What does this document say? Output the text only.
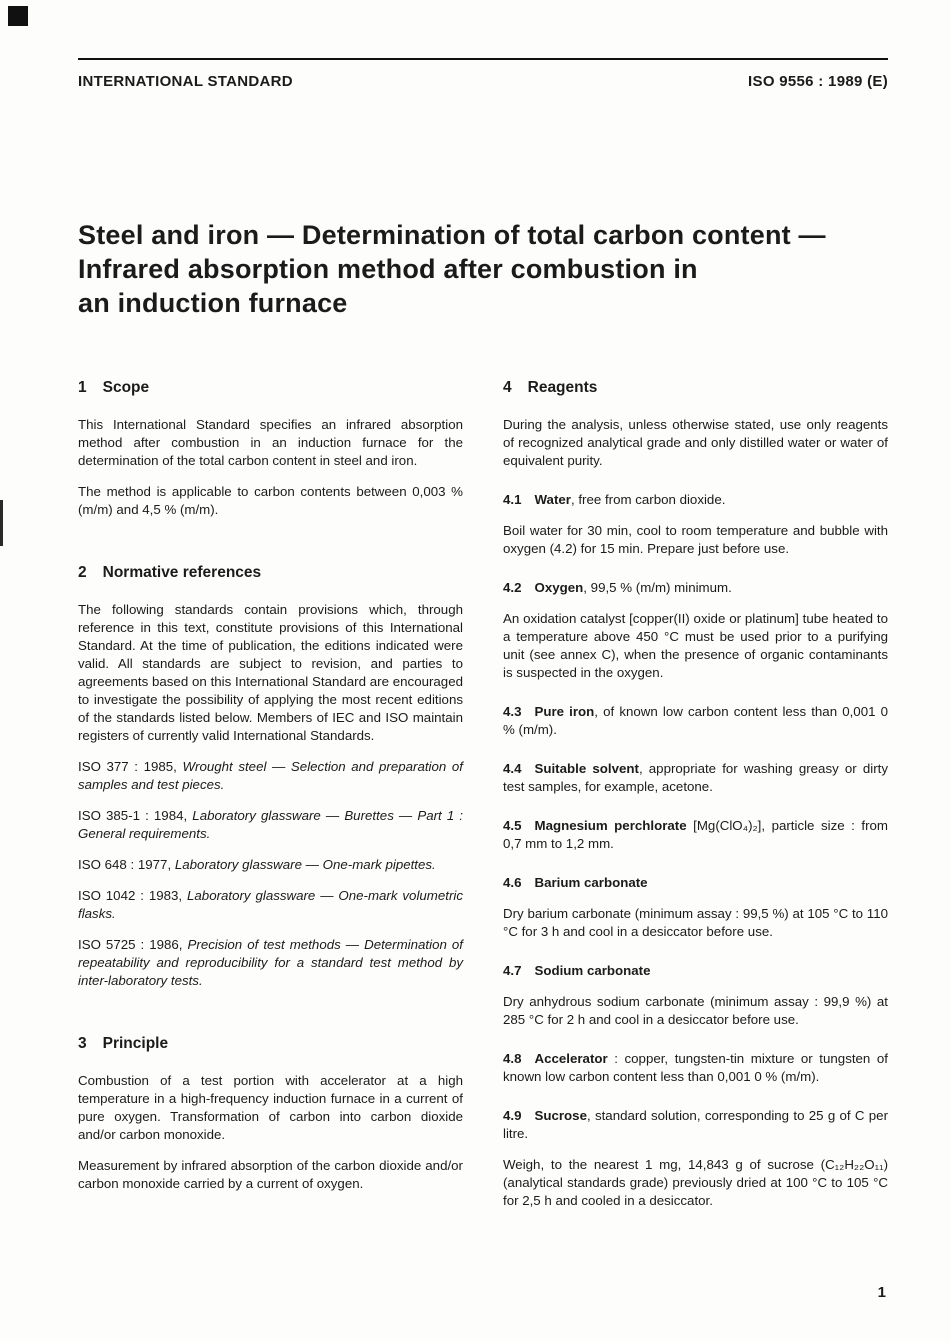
INTERNATIONAL STANDARD	ISO 9556 : 1989 (E)
Steel and iron — Determination of total carbon content —
Infrared absorption method after combustion in
an induction furnace
1 Scope

This International Standard specifies an infrared absorption method after combustion in an induction furnace for the determination of the total carbon content in steel and iron.

The method is applicable to carbon contents between 0,003 % (m/m) and 4,5 % (m/m).

2 Normative references

The following standards contain provisions which, through reference in this text, constitute provisions of this International Standard. At the time of publication, the editions indicated were valid. All standards are subject to revision, and parties to agreements based on this International Standard are encouraged to investigate the possibility of applying the most recent editions of the standards listed below. Members of IEC and ISO maintain registers of currently valid International Standards.

ISO 377 : 1985, Wrought steel — Selection and preparation of samples and test pieces.

ISO 385-1 : 1984, Laboratory glassware — Burettes — Part 1 : General requirements.

ISO 648 : 1977, Laboratory glassware — One-mark pipettes.

ISO 1042 : 1983, Laboratory glassware — One-mark volumetric flasks.

ISO 5725 : 1986, Precision of test methods — Determination of repeatability and reproducibility for a standard test method by inter-laboratory tests.

3 Principle

Combustion of a test portion with accelerator at a high temperature in a high-frequency induction furnace in a current of pure oxygen. Transformation of carbon into carbon dioxide and/or carbon monoxide.

Measurement by infrared absorption of the carbon dioxide and/or carbon monoxide carried by a current of oxygen.

4 Reagents

During the analysis, unless otherwise stated, use only reagents of recognized analytical grade and only distilled water or water of equivalent purity.

4.1 Water, free from carbon dioxide.

Boil water for 30 min, cool to room temperature and bubble with oxygen (4.2) for 15 min. Prepare just before use.

4.2 Oxygen, 99,5 % (m/m) minimum.

An oxidation catalyst [copper(II) oxide or platinum] tube heated to a temperature above 450 °C must be used prior to a purifying unit (see annex C), when the presence of organic contaminants is suspected in the oxygen.

4.3 Pure iron, of known low carbon content less than 0,001 0 % (m/m).

4.4 Suitable solvent, appropriate for washing greasy or dirty test samples, for example, acetone.

4.5 Magnesium perchlorate [Mg(ClO₄)₂], particle size : from 0,7 mm to 1,2 mm.

4.6 Barium carbonate

Dry barium carbonate (minimum assay : 99,5 %) at 105 °C to 110 °C for 3 h and cool in a desiccator before use.

4.7 Sodium carbonate

Dry anhydrous sodium carbonate (minimum assay : 99,9 %) at 285 °C for 2 h and cool in a desiccator before use.

4.8 Accelerator : copper, tungsten-tin mixture or tungsten of known low carbon content less than 0,001 0 % (m/m).

4.9 Sucrose, standard solution, corresponding to 25 g of C per litre.

Weigh, to the nearest 1 mg, 14,843 g of sucrose (C₁₂H₂₂O₁₁) (analytical standards grade) previously dried at 100 °C to 105 °C for 2,5 h and cooled in a desiccator.

1
